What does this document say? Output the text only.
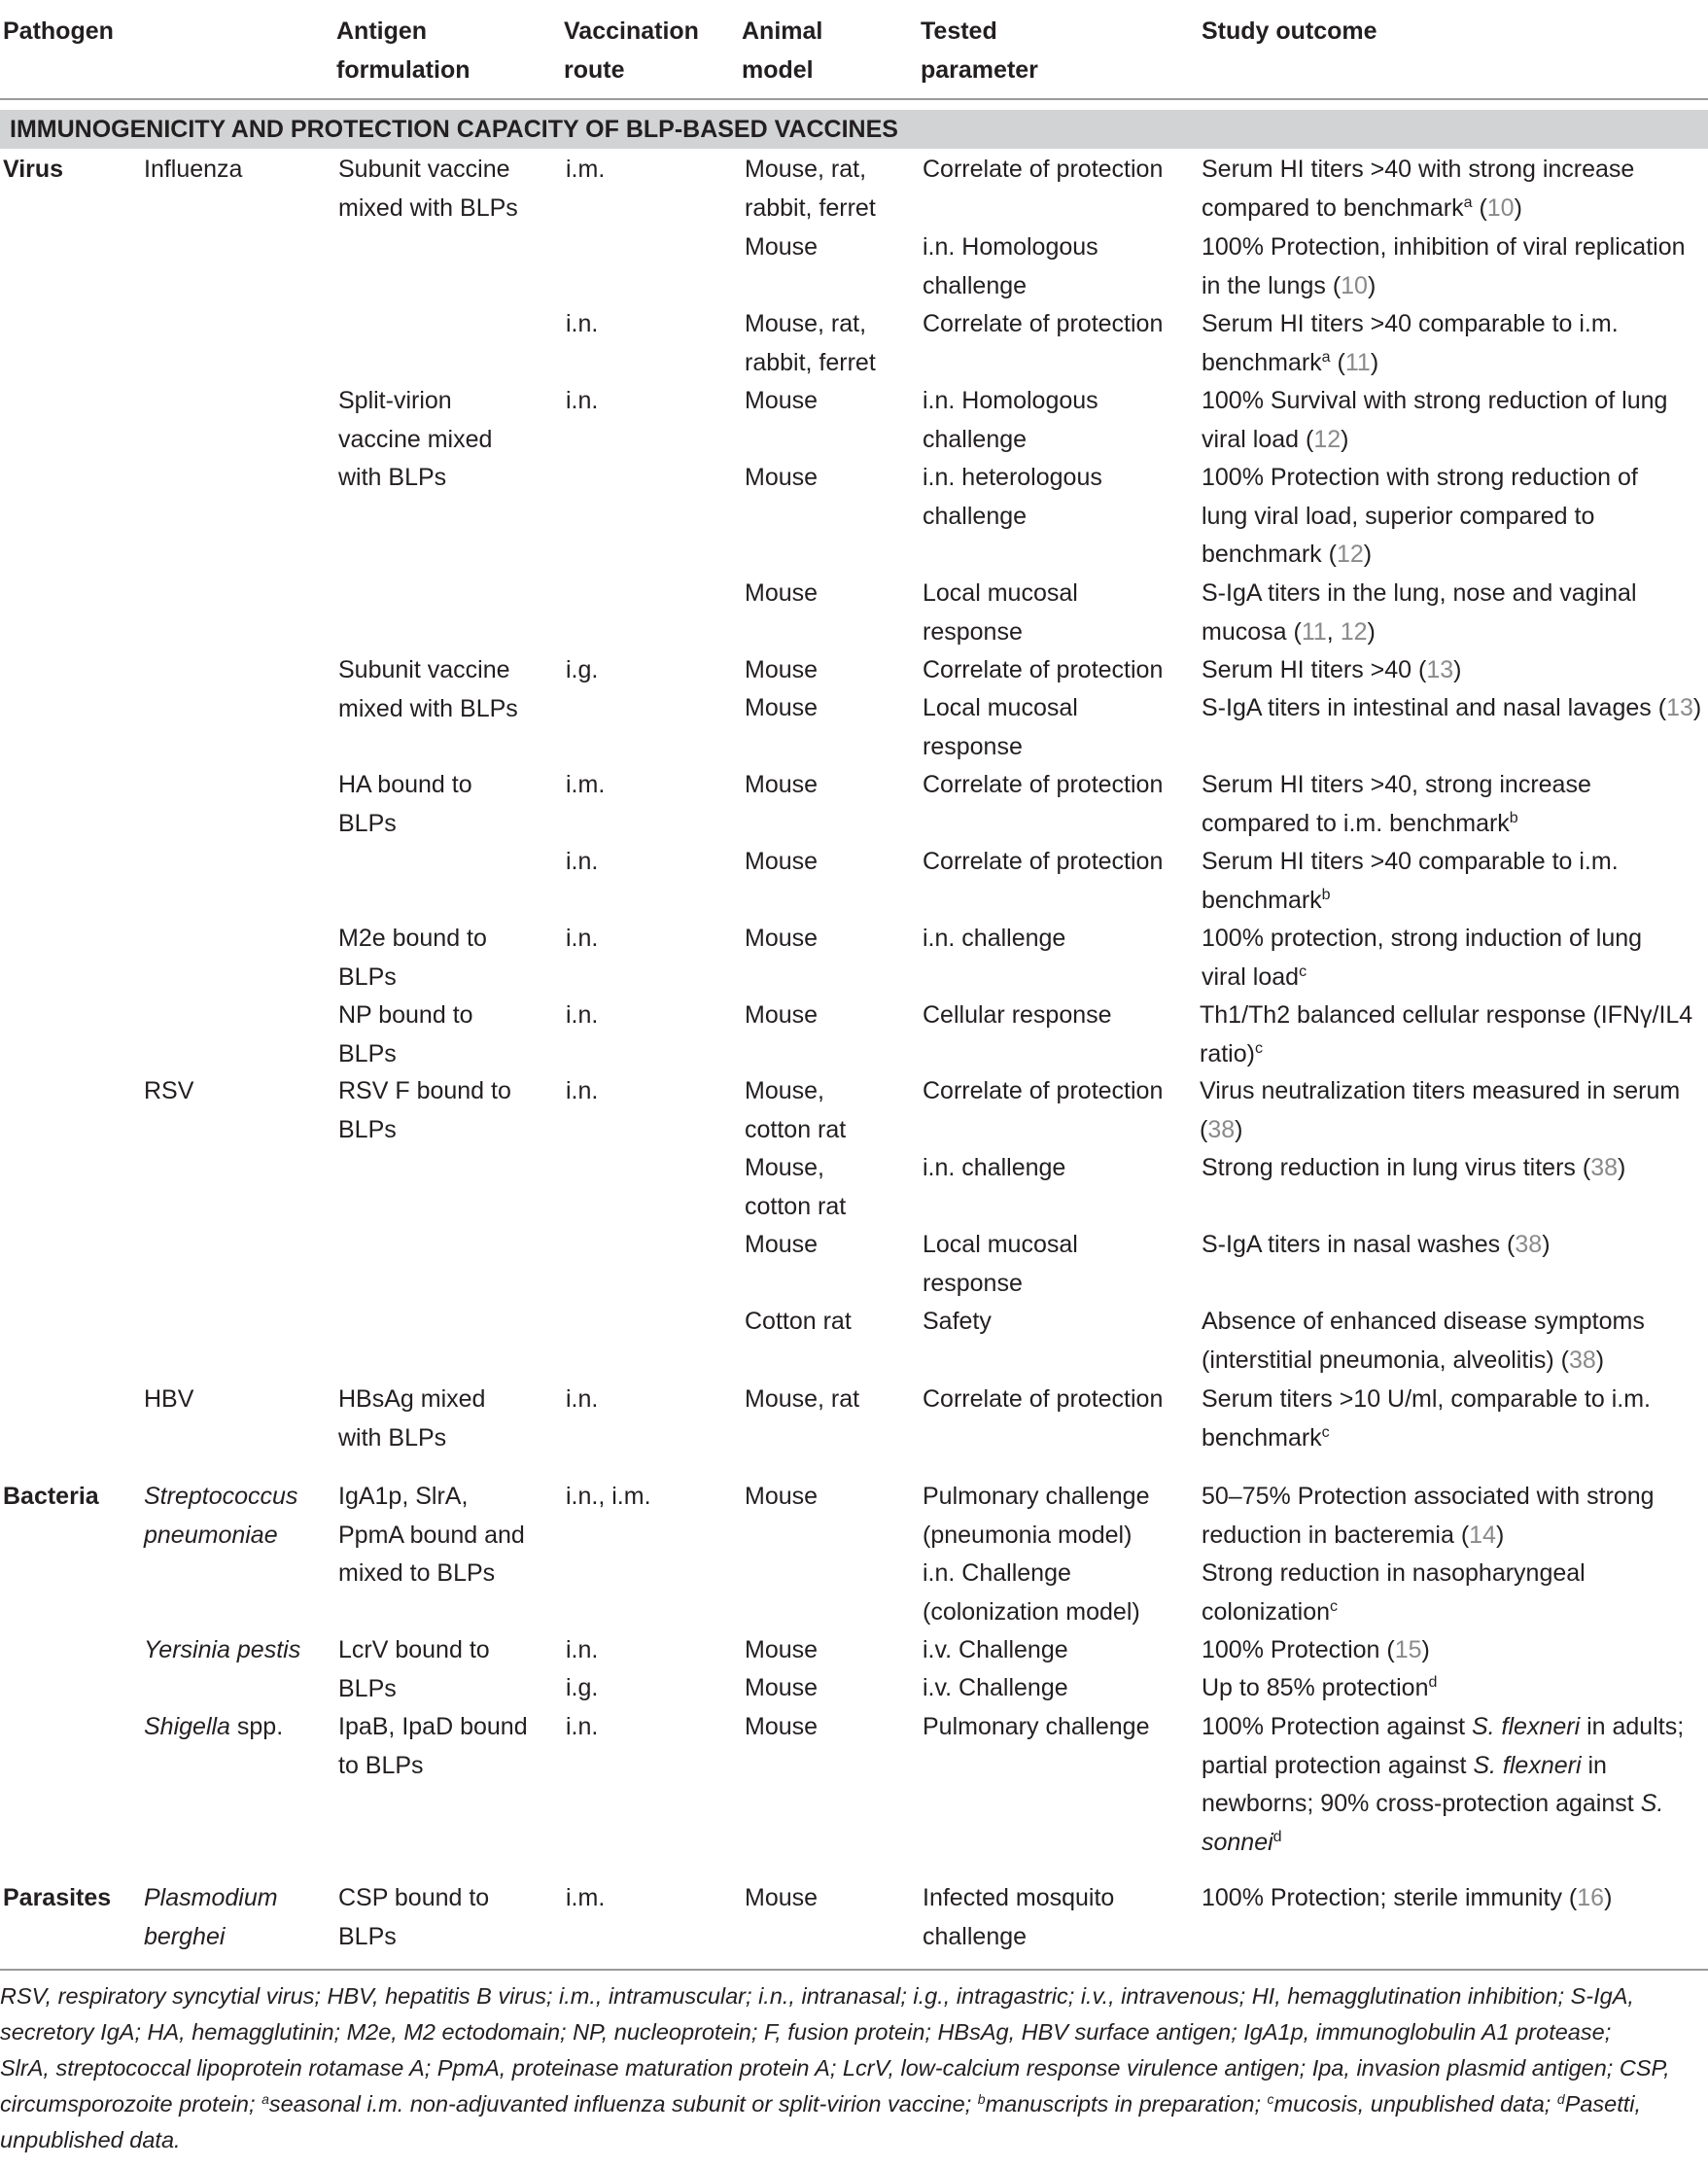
Pathogen	Antigen
formulation
Vaccination
route
Animal
model
Tested
parameter
Study outcome
IMMUNOGENICITY AND PROTECTION CAPACITY OF BLP-BASED VACCINES
Virus
Bacteria
Parasites
Influenza
RSV
HBV
Streptococcus
pneumoniae
Yersinia pestis
Shigella spp.
Plasmodium
berghei
Subunit vaccine
mixed with BLPs
Split-virion
vaccine mixed
with BLPs
Subunit vaccine
mixed with BLPs
HA bound to
BLPs
M2e bound to
BLPs
NP bound to
BLPs
RSV F bound to
BLPs
HBsAg mixed
with BLPs
IgA1p, SlrA,
PpmA bound and
mixed to BLPs
LcrV bound to
BLPs
IpaB, IpaD bound
to BLPs
CSP bound to
BLPs
i.m.
i.n.
i.n.
i.g.
i.m.
i.n.
i.n.
i.n.
i.n.
i.n.
i.n., i.m.
i.n.
i.g.
i.n.
i.m.
Mouse, rat,
rabbit, ferret
Mouse
Mouse, rat,
rabbit, ferret
Mouse
Mouse
Mouse
Mouse
Mouse
Mouse
Mouse
Mouse
Mouse
Mouse,
cotton rat
Mouse,
cotton rat
Mouse
Cotton rat
Mouse, rat
Mouse
Mouse
Mouse
Mouse
Mouse
Correlate of protection
i.n. Homologous
challenge
Correlate of protection
i.n. Homologous
challenge
i.n. heterologous
challenge
Local mucosal
response
Correlate of protection
Local mucosal
response
Correlate of protection
Correlate of protection
i.n. challenge
Cellular response
Correlate of protection
i.n. challenge
Local mucosal
response
Safety
Correlate of protection
Pulmonary challenge
(pneumonia model)
i.n. Challenge
(colonization model)
i.v. Challenge
i.v. Challenge
Pulmonary challenge
Infected mosquito
challenge
Serum HI titers >40 with strong increase
compared to benchmark$^a$ (10)
100% Protection, inhibition of viral replication
in the lungs (10)
Serum HI titers >40 comparable to i.m.
benchmark$^a$ (11)
100% Survival with strong reduction of lung
viral load (12)
100% Protection with strong reduction of
lung viral load, superior compared to
benchmark (12)
S-IgA titers in the lung, nose and vaginal
mucosa (11, 12)
Serum HI titers >40 (13)
S-IgA titers in intestinal and nasal lavages (13)
Serum HI titers >40, strong increase
compared to i.m. benchmark$^b$
Serum HI titers >40 comparable to i.m.
benchmark$^b$
100% protection, strong induction of lung
viral load$^c$
Th1/Th2 balanced cellular response (IFNγ/IL4
ratio)$^c$
Virus neutralization titers measured in serum
(38)
Strong reduction in lung virus titers (38)
S-IgA titers in nasal washes (38)
Absence of enhanced disease symptoms
(interstitial pneumonia, alveolitis) (38)
Serum titers >10 U/ml, comparable to i.m.
benchmark$^c$
50–75% Protection associated with strong
reduction in bacteremia (14)
Strong reduction in nasopharyngeal
colonization$^c$
100% Protection (15)
Up to 85% protection$^d$
100% Protection against S. flexneri in adults;
partial protection against S. flexneri in
newborns; 90% cross-protection against S.
sonnei$^d$
100% Protection; sterile immunity (16)
RSV, respiratory syncytial virus; HBV, hepatitis B virus; i.m., intramuscular; i.n., intranasal; i.g., intragastric; i.v., intravenous; HI, hemagglutination inhibition; S-IgA,
secretory IgA; HA, hemagglutinin; M2e, M2 ectodomain; NP, nucleoprotein; F, fusion protein; HBsAg, HBV surface antigen; IgA1p, immunoglobulin A1 protease;
SlrA, streptococcal lipoprotein rotamase A; PpmA, proteinase maturation protein A; LcrV, low-calcium response virulence antigen; Ipa, invasion plasmid antigen; CSP,
circumsporozoite protein; $^a$seasonal i.m. non-adjuvanted influenza subunit or split-virion vaccine; $^b$manuscripts in preparation; $^c$mucosis, unpublished data; $^d$Pasetti,
unpublished data.
